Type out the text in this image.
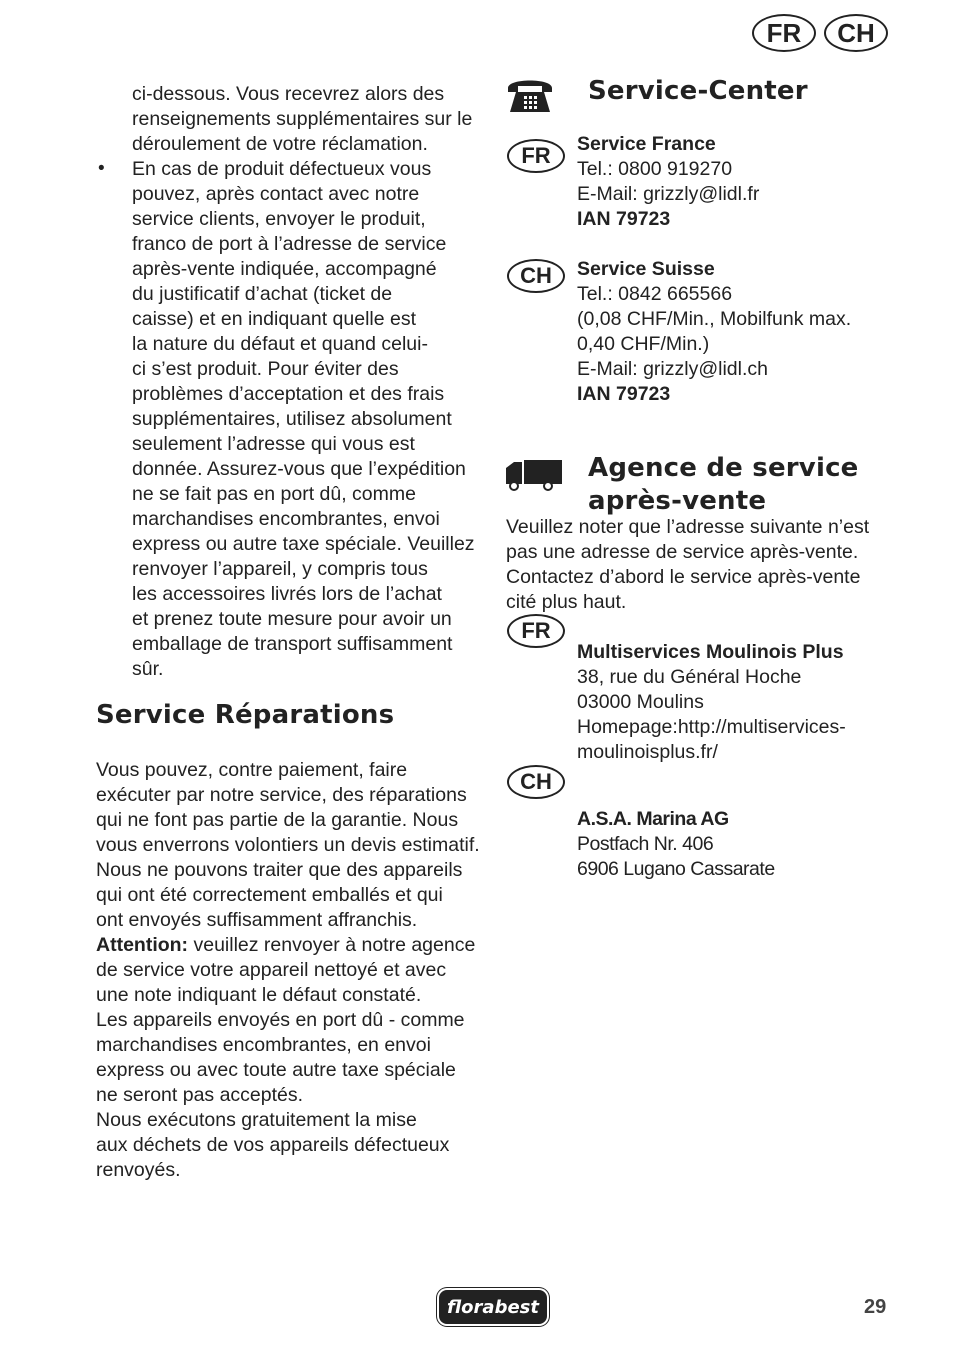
FR	CH
ci-dessous. Vous recevrez alors des
renseignements supplémentaires sur le
déroulement de votre réclamation.
• En cas de produit défectueux vous
pouvez, après contact avec notre
service clients, envoyer le produit,
franco de port à l’adresse de service
après-vente indiquée, accompagné
du justificatif d’achat (ticket de
caisse) et en indiquant quelle est
la nature du défaut et quand celui-
ci s’est produit. Pour éviter des
problèmes d’acceptation et des frais
supplémentaires, utilisez absolument
seulement l’adresse qui vous est
donnée. Assurez-vous que l’expédition
ne se fait pas en port dû, comme
marchandises encombrantes, envoi
express ou autre taxe spéciale. Veuillez
renvoyer l’appareil, y compris tous
les accessoires livrés lors de l’achat
et prenez toute mesure pour avoir un
emballage de transport suffisamment
sûr.
Service Réparations
Vous pouvez, contre paiement, faire
exécuter par notre service, des réparations
qui ne font pas partie de la garantie. Nous
vous enverrons volontiers un devis estimatif.
Nous ne pouvons traiter que des appareils
qui ont été correctement emballés et qui
ont envoyés suffisamment affranchis.
Attention: veuillez renvoyer à notre agence
de service votre appareil nettoyé et avec
une note indiquant le défaut constaté.
Les appareils envoyés en port dû - comme
marchandises encombrantes, en envoi
express ou avec toute autre taxe spéciale
ne seront pas acceptés.
Nous exécutons gratuitement la mise
aux déchets de vos appareils défectueux
renvoyés.
Service-Center
FR	Service France
Tel.: 0800 919270
E-Mail: grizzly@lidl.fr
IAN 79723
CH	Service Suisse
Tel.: 0842 665566
(0,08 CHF/Min., Mobilfunk max.
0,40 CHF/Min.)
E-Mail: grizzly@lidl.ch
IAN 79723
Agence de service
après-vente
Veuillez noter que l’adresse suivante n’est
pas une adresse de service après-vente.
Contactez d’abord le service après-vente
cité plus haut.
FR
Multiservices Moulinois Plus
38, rue du Général Hoche
03000 Moulins
Homepage:http://multiservices-
moulinoisplus.fr/
CH
A.S.A. Marina AG
Postfach Nr. 406
6906 Lugano Cassarate
florabest	29
